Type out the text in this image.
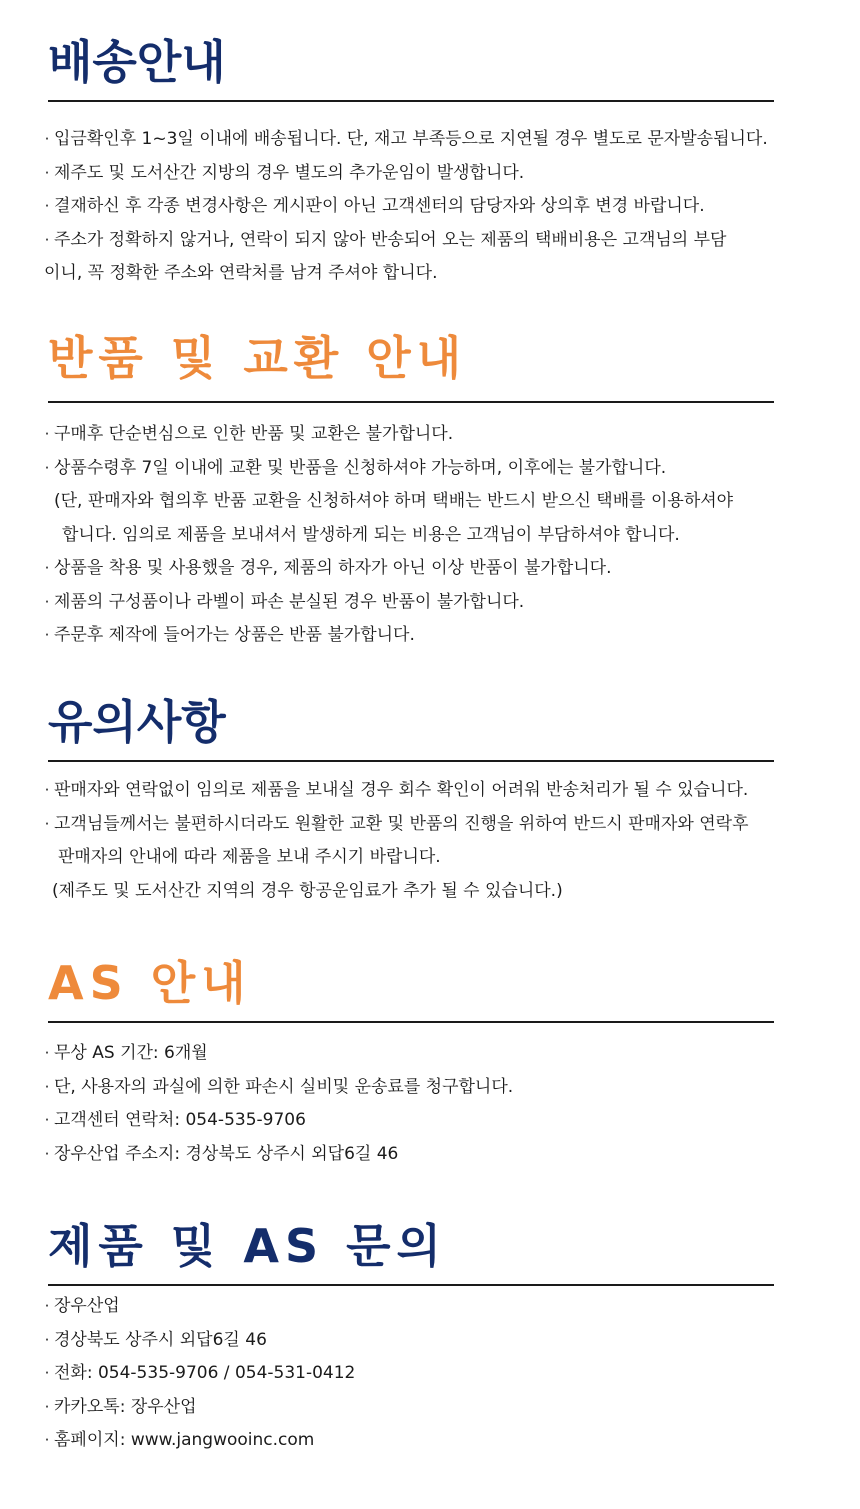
배송안내
· 입금확인후 1~3일 이내에 배송됩니다. 단, 재고 부족등으로 지연될 경우 별도로 문자발송됩니다.
· 제주도 및 도서산간 지방의 경우 별도의 추가운임이 발생합니다.
· 결재하신 후 각종 변경사항은 게시판이 아닌 고객센터의 담당자와 상의후 변경 바랍니다.
· 주소가 정확하지 않거나, 연락이 되지 않아 반송되어 오는 제품의 택배비용은 고객님의 부담
이니, 꼭 정확한 주소와 연락처를 남겨 주셔야 합니다.
반품 및 교환 안내
· 구매후 단순변심으로 인한 반품 및 교환은 불가합니다.
· 상품수령후 7일 이내에 교환 및 반품을 신청하셔야 가능하며, 이후에는 불가합니다.
(단, 판매자와 협의후 반품 교환을 신청하셔야 하며 택배는 반드시 받으신 택배를 이용하셔야
합니다. 임의로 제품을 보내셔서 발생하게 되는 비용은 고객님이 부담하셔야 합니다.
· 상품을 착용 및 사용했을 경우, 제품의 하자가 아닌 이상 반품이 불가합니다.
· 제품의 구성품이나 라벨이 파손 분실된 경우 반품이 불가합니다.
· 주문후 제작에 들어가는 상품은 반품 불가합니다.
유의사항
· 판매자와 연락없이 임의로 제품을 보내실 경우 회수 확인이 어려워 반송처리가 될 수 있습니다.
· 고객님들께서는 불편하시더라도 원활한 교환 및 반품의 진행을 위하여 반드시 판매자와 연락후
판매자의 안내에 따라 제품을 보내 주시기 바랍니다.
(제주도 및 도서산간 지역의 경우 항공운임료가 추가 될 수 있습니다.)
AS 안내
· 무상 AS 기간: 6개월
· 단, 사용자의 과실에 의한 파손시 실비및 운송료를 청구합니다.
· 고객센터 연락처: 054-535-9706
· 장우산업 주소지: 경상북도 상주시 외답6길 46
제품 및 AS 문의
· 장우산업
· 경상북도 상주시 외답6길 46
· 전화: 054-535-9706 / 054-531-0412
· 카카오톡: 장우산업
· 홈페이지: www.jangwooinc.com
